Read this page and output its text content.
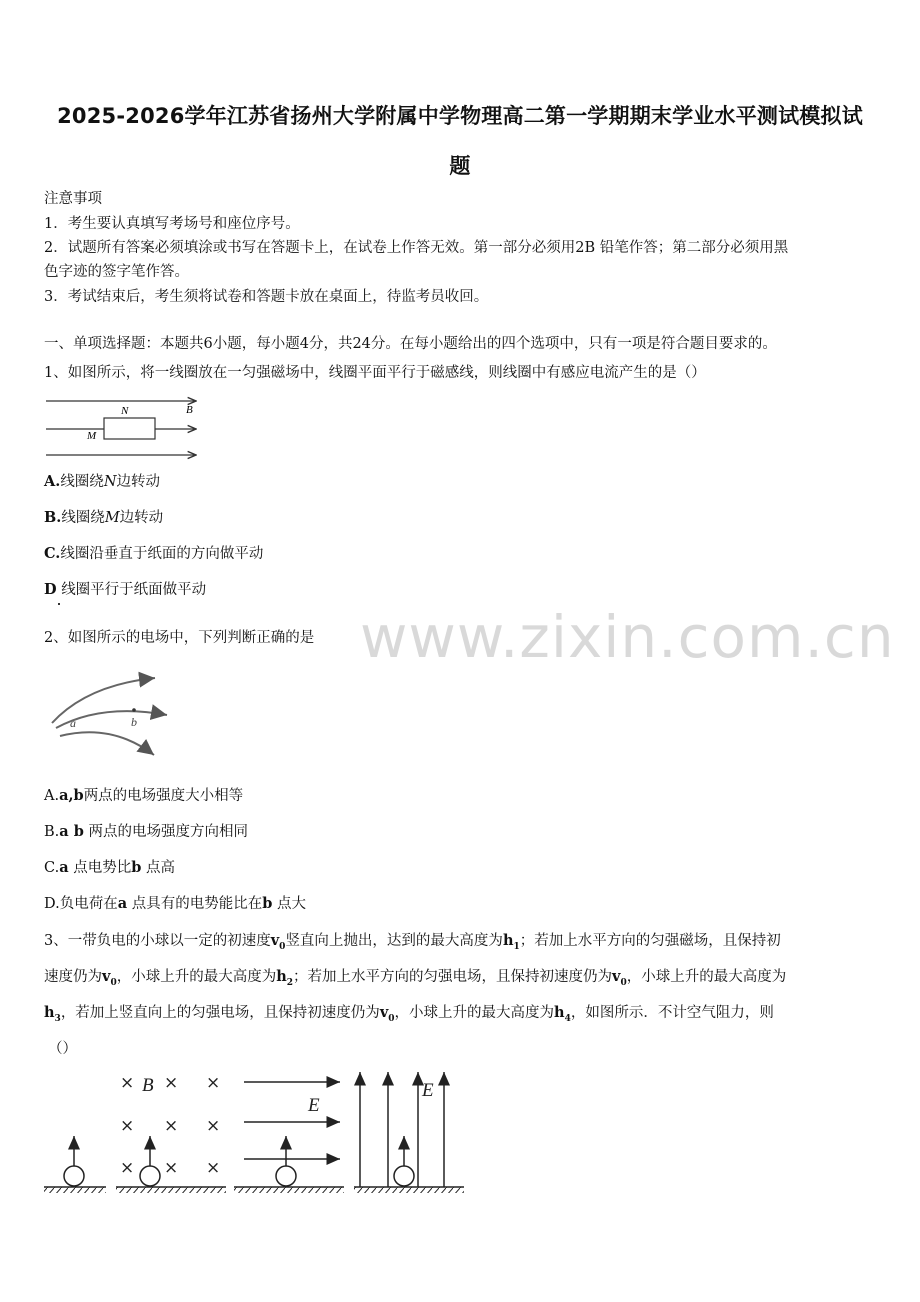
2025-2026学年江苏省扬州大学附属中学物理高二第一学期期末学业水平测试模拟试
题
注意事项
1．考生要认真填写考场号和座位序号。
2．试题所有答案必须填涂或书写在答题卡上，在试卷上作答无效。第一部分必须用2B 铅笔作答；第二部分必须用黑
色字迹的签字笔作答。
3．考试结束后，考生须将试卷和答题卡放在桌面上，待监考员收回。
一、单项选择题：本题共6小题，每小题4分，共24分。在每小题给出的四个选项中，只有一项是符合题目要求的。
1、如图所示，将一线圈放在一匀强磁场中，线圈平面平行于磁感线，则线圈中有感应电流产生的是（）
N
M
B
A.线圈绕N边转动
B.线圈绕M边转动
C.线圈沿垂直于纸面的方向做平动
D 线圈平行于纸面做平动
www.zixin.com.cn
2、如图所示的电场中，下列判断正确的是
a	b
A.a,b两点的电场强度大小相等
B.a b 两点的电场强度方向相同
C.a 点电势比b 点高
D.负电荷在a 点具有的电势能比在b 点大
3、一带负电的小球以一定的初速度$v_0$竖直向上抛出，达到的最大高度为$h_1$；若加上水平方向的匀强磁场，且保持初
速度仍为$v_0$，小球上升的最大高度为$h_2$；若加上水平方向的匀强电场，且保持初速度仍为$v_0$，小球上升的最大高度为
$h_3$，若加上竖直向上的匀强电场，且保持初速度仍为$v_0$，小球上升的最大高度为$h_4$，如图所示．不计空气阻力，则
（）
× × ×
× × ×
× × ×
B
E
E
